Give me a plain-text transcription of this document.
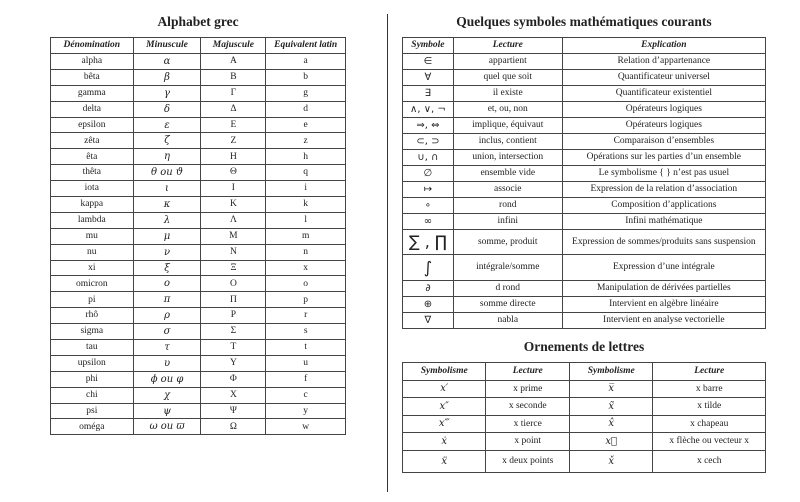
Alphabet grec
Dénomination	Minuscule	Majuscule	Equivalent latin
alpha	α	A	a
bêta	β	B	b
gamma	γ	Γ	g
delta	δ	Δ	d
epsilon	ε	E	e
zêta	ζ	Z	z
êta	η	H	h
thêta	θ ou ϑ	Θ	q
iota	ι	I	i
kappa	κ	K	k
lambda	λ	Λ	l
mu	μ	M	m
nu	ν	N	n
xi	ξ	Ξ	x
omicron	ο	O	o
pi	π	Π	p
rhô	ρ	P	r
sigma	σ	Σ	s
tau	τ	T	t
upsilon	υ	Υ	u
phi	ϕ ou φ	Φ	f
chi	χ	X	c
psi	ψ	Ψ	y
oméga	ω ou ϖ	Ω	w
Quelques symboles mathématiques courants
Symbole	Lecture	Explication
∈	appartient	Relation d’appartenance
∀	quel que soit	Quantificateur universel
∃	il existe	Quantificateur existentiel
∧, ∨, ¬	et, ou, non	Opérateurs logiques
⇒, ⇔	implique, équivaut	Opérateurs logiques
⊂, ⊃	inclus, contient	Comparaison d’ensembles
∪, ∩	union, intersection	Opérations sur les parties d’un ensemble
∅	ensemble vide	Le symbolisme { } n’est pas usuel
↦	associe	Expression de la relation d’association
∘	rond	Composition d’applications
∞	infini	Infini mathématique
∑ , ∏	somme, produit	Expression de sommes/produits sans suspension
∫	intégrale/somme	Expression d’une intégrale
∂	d rond	Manipulation de dérivées partielles
⊕	somme directe	Intervient en algèbre linéaire
∇	nabla	Intervient en analyse vectorielle
Ornements de lettres
Symbolisme	Lecture	Symbolisme	Lecture
x′	x prime	x̅	x barre
x″	x seconde	x̃	x tilde
x‴	x tierce	x̂	x chapeau
ẋ	x point	x⃗	x flèche ou vecteur x
ẍ	x deux points	x̌	x cech
